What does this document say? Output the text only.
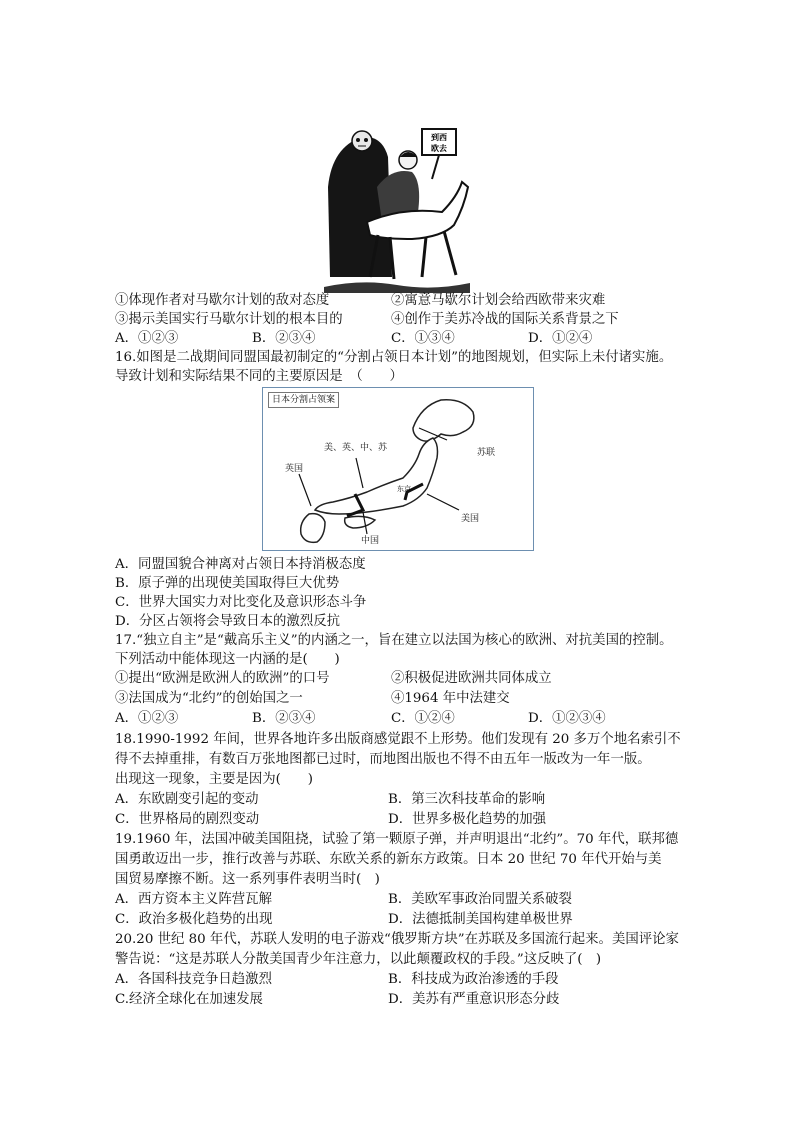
到西
欧去
①体现作者对马歇尔计划的敌对态度	②寓意马歇尔计划会给西欧带来灾难
③揭示美国实行马歇尔计划的根本目的	④创作于美苏冷战的国际关系背景之下
A．①②③	B．②③④	C．①③④	D．①②④
16.如图是二战期间同盟国最初制定的“分割占领日本计划”的地图规划，但实际上未付诸实施。
导致计划和实际结果不同的主要原因是　（　　）
日本分割占领案
美、英、中、苏	苏联
英国
东京
美国
中国
A．同盟国貌合神离对占领日本持消极态度
B．原子弹的出现使美国取得巨大优势
C．世界大国实力对比变化及意识形态斗争
D．分区占领将会导致日本的激烈反抗
17.“独立自主”是“戴高乐主义”的内涵之一，旨在建立以法国为核心的欧洲、对抗美国的控制。
下列活动中能体现这一内涵的是(　　)
①提出“欧洲是欧洲人的欧洲”的口号	②积极促进欧洲共同体成立
③法国成为“北约”的创始国之一	④1964 年中法建交
A．①②③	B．②③④	C．①②④	D．①②③④
18.1990-1992 年间，世界各地许多出版商感觉跟不上形势。他们发现有 20 多万个地名索引不
得不去掉重排，有数百万张地图都已过时，而地图出版也不得不由五年一版改为一年一版。
出现这一现象，主要是因为(　　)
A．东欧剧变引起的变动	B．第三次科技革命的影响
C．世界格局的剧烈变动	D．世界多极化趋势的加强
19.1960 年，法国冲破美国阻挠，试验了第一颗原子弹，并声明退出“北约”。70 年代，联邦德
国勇敢迈出一步，推行改善与苏联、东欧关系的新东方政策。日本 20 世纪 70 年代开始与美
国贸易摩擦不断。这一系列事件表明当时(　)
A．西方资本主义阵营瓦解	B．美欧军事政治同盟关系破裂
C．政治多极化趋势的出现	D．法德抵制美国构建单极世界
20.20 世纪 80 年代，苏联人发明的电子游戏“俄罗斯方块”在苏联及多国流行起来。美国评论家
警告说：“这是苏联人分散美国青少年注意力，以此颠覆政权的手段。”这反映了(　)
A．各国科技竞争日趋激烈	B．科技成为政治渗透的手段
C.经济全球化在加速发展	D．美苏有严重意识形态分歧
